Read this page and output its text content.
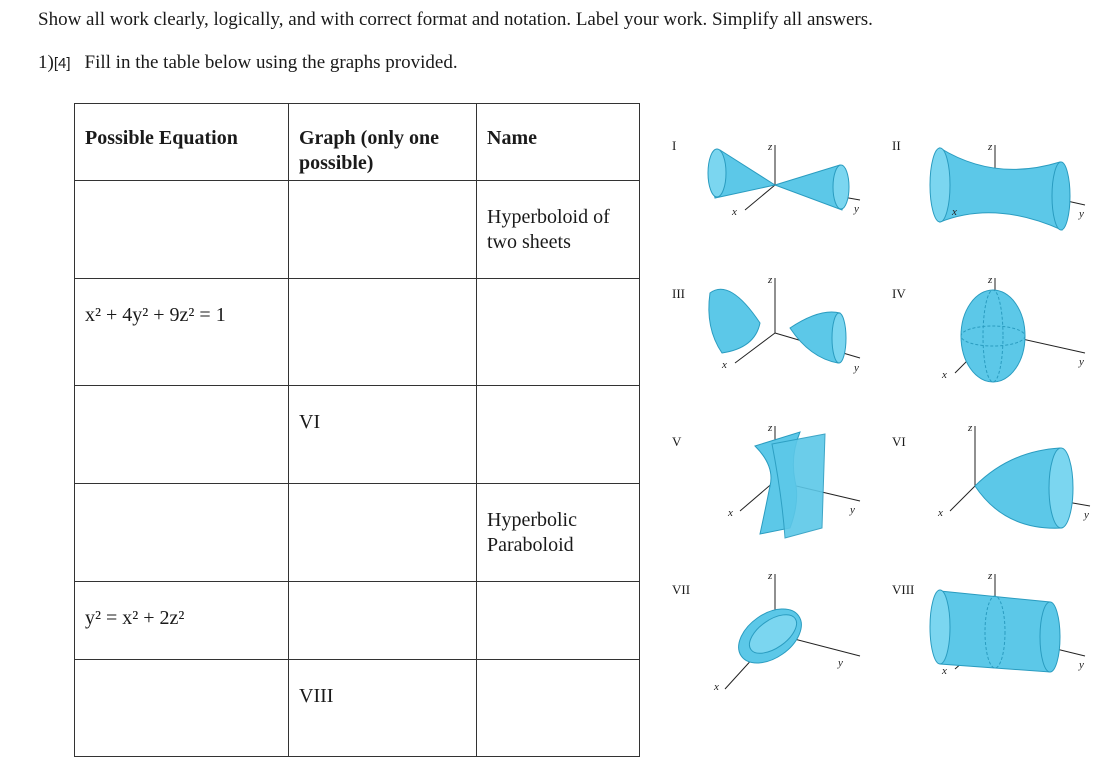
Show all work clearly, logically, and with correct format and notation. Label your work. Simplify all answers.
1)[4] Fill in the table below using the graphs provided.
Possible Equation	Graph (only one possible)	Name
		Hyperboloid of two sheets
x² + 4y² + 9z² = 1		
	VI	
		Hyperbolic Paraboloid
y² = x² + 2z²		
	VIII	
I	z
y
x
II	z
y
x
III
z
y
x
IV
z
y
x
V
z
y
x
VI
z
y
x
VII
z
y
x
VIII
z
y
x
